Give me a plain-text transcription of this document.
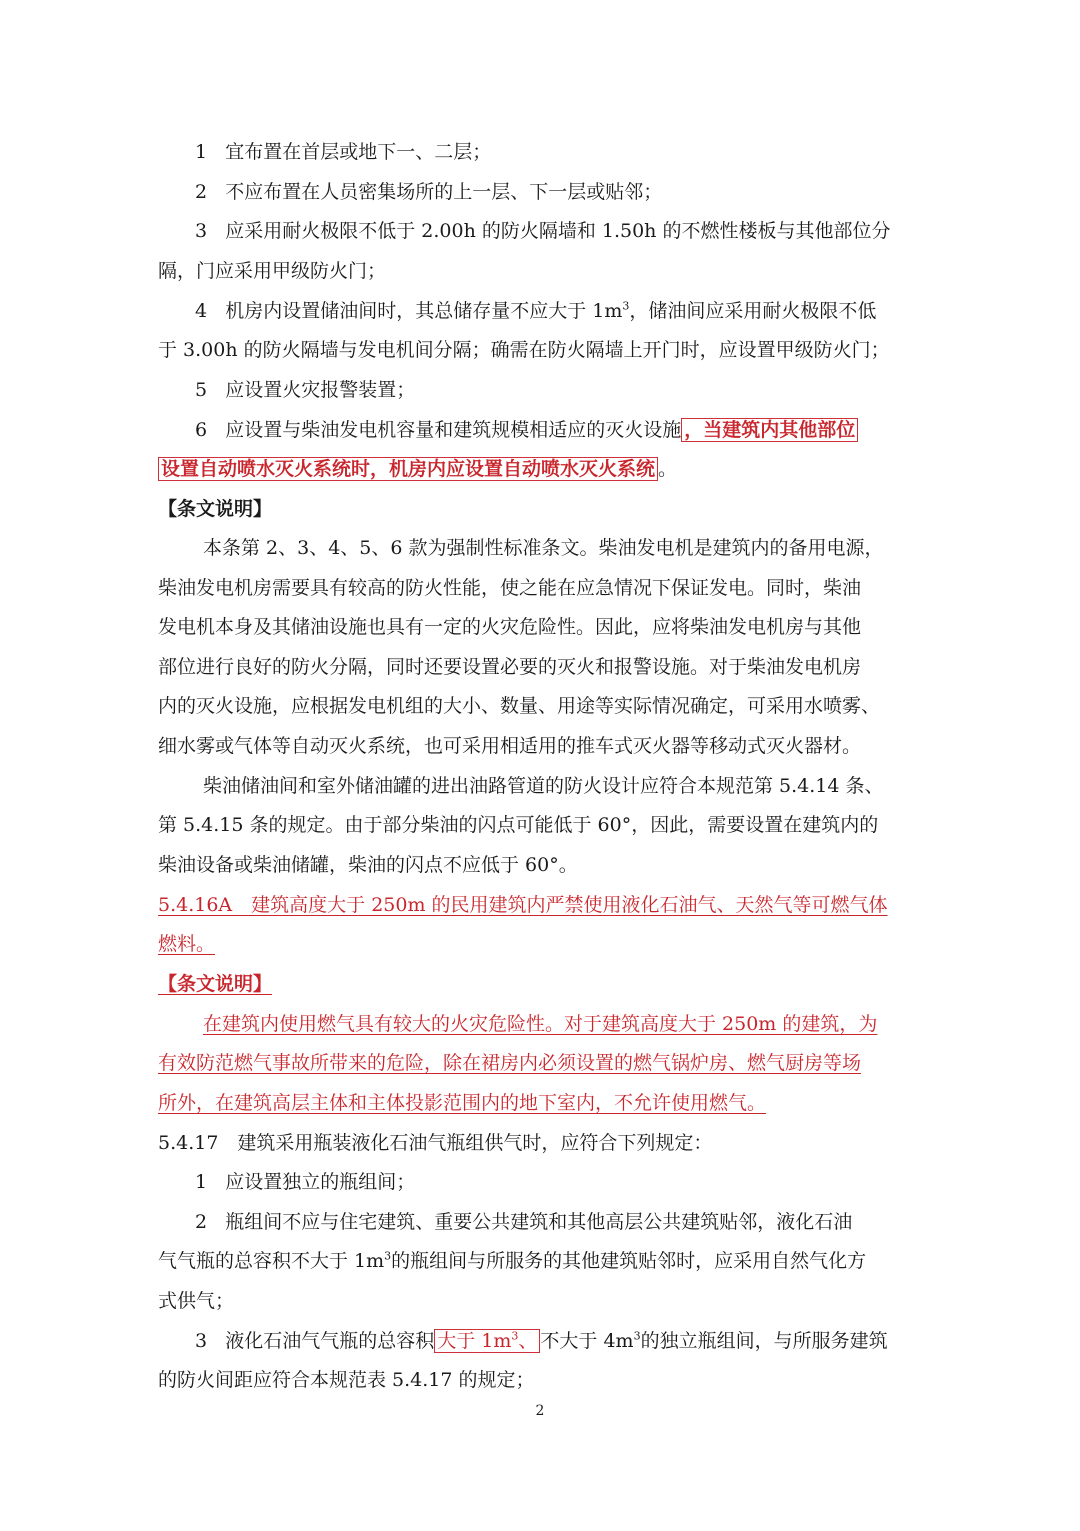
1 宜布置在首层或地下一、二层；
2 不应布置在人员密集场所的上一层、下一层或贴邻；
3 应采用耐火极限不低于 2.00h 的防火隔墙和 1.50h 的不燃性楼板与其他部位分
隔，门应采用甲级防火门；
4 机房内设置储油间时，其总储存量不应大于 $1m^3$，储油间应采用耐火极限不低
于 3.00h 的防火隔墙与发电机间分隔；确需在防火隔墙上开门时，应设置甲级防火门；
5 应设置火灾报警装置；
6 应设置与柴油发电机容量和建筑规模相适应的灭火设施 ，当建筑内其他部位
设置自动喷水灭火系统时，机房内应设置自动喷水灭火系统 。
【条文说明】
本条第 2、3、4、5、6 款为强制性标准条文。柴油发电机是建筑内的备用电源，
柴油发电机房需要具有较高的防火性能，使之能在应急情况下保证发电。同时，柴油
发电机本身及其储油设施也具有一定的火灾危险性。因此，应将柴油发电机房与其他
部位进行良好的防火分隔，同时还要设置必要的灭火和报警设施。对于柴油发电机房
内的灭火设施，应根据发电机组的大小、数量、用途等实际情况确定，可采用水喷雾、
细水雾或气体等自动灭火系统，也可采用相适用的推车式灭火器等移动式灭火器材。
柴油储油间和室外储油罐的进出油路管道的防火设计应符合本规范第 5.4.14 条、
第 5.4.15 条的规定。由于部分柴油的闪点可能低于 60°，因此，需要设置在建筑内的
柴油设备或柴油储罐，柴油的闪点不应低于 60°。
5.4.16A　建筑高度大于 250m 的民用建筑内严禁使用液化石油气、天然气等可燃气体
燃料。
【条文说明】
在建筑内使用燃气具有较大的火灾危险性。对于建筑高度大于 250m 的建筑，为
有效防范燃气事故所带来的危险，除在裙房内必须设置的燃气锅炉房、燃气厨房等场
所外，在建筑高层主体和主体投影范围内的地下室内，不允许使用燃气。
5.4.17　建筑采用瓶装液化石油气瓶组供气时，应符合下列规定：
1 应设置独立的瓶组间；
2 瓶组间不应与住宅建筑、重要公共建筑和其他高层公共建筑贴邻，液化石油
气气瓶的总容积不大于 $1m^3$的瓶组间与所服务的其他建筑贴邻时，应采用自然气化方
式供气；
3 液化石油气气瓶的总容积 大于 $1m^3$、 不大于 $4m^3$的独立瓶组间，与所服务建筑
的防火间距应符合本规范表 5.4.17 的规定；
2
